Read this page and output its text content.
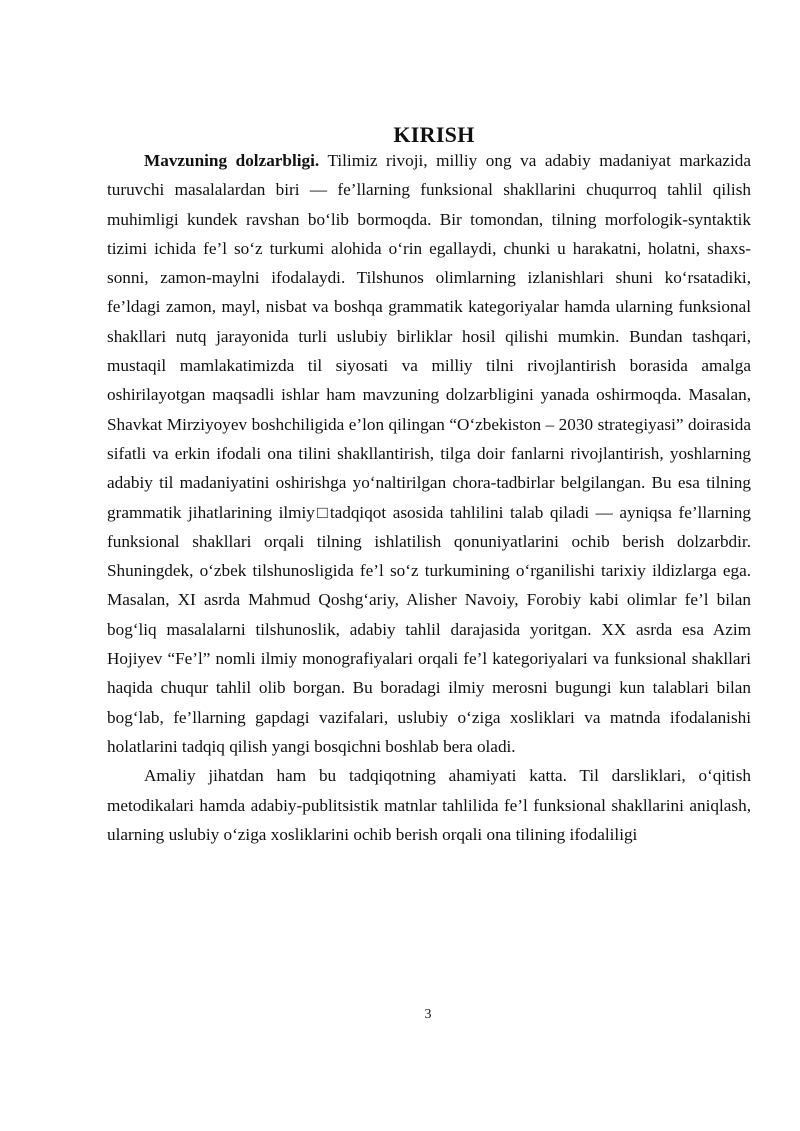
KIRISH

Mavzuning dolzarbligi. Tilimiz rivoji, milliy ong va adabiy madaniyat markazida turuvchi masalalardan biri — fe’llarning funksional shakllarini chuqurroq tahlil qilish muhimligi kundek ravshan bo‘lib bormoqda. Bir tomondan, tilning morfologik-syntaktik tizimi ichida fe’l so‘z turkumi alohida o‘rin egallaydi, chunki u harakatni, holatni, shaxs-sonni, zamon-maylni ifodalaydi. Tilshunos olimlarning izlanishlari shuni ko‘rsatadiki, fe’ldagi zamon, mayl, nisbat va boshqa grammatik kategoriyalar hamda ularning funksional shakllari nutq jarayonida turli uslubiy birliklar hosil qilishi mumkin. Bundan tashqari, mustaqil mamlakatimizda til siyosati va milliy tilni rivojlantirish borasida amalga oshirilayotgan maqsadli ishlar ham mavzuning dolzarbligini yanada oshirmoqda. Masalan, Shavkat Mirziyoyev boshchiligida e’lon qilingan “O‘zbekiston – 2030 strategiyasi” doirasida sifatli va erkin ifodali ona tilini shakllantirish, tilga doir fanlarni rivojlantirish, yoshlarning adabiy til madaniyatini oshirishga yo‘naltirilgan chora-tadbirlar belgilangan. Bu esa tilning grammatik jihatlarining ilmiy□tadqiqot asosida tahlilini talab qiladi — ayniqsa fe’llarning funksional shakllari orqali tilning ishlatilish qonuniyatlarini ochib berish dolzarbdir. Shuningdek, o‘zbek tilshunosligida fe’l so‘z turkumining o‘rganilishi tarixiy ildizlarga ega. Masalan, XI asrda Mahmud Qoshg‘ariy, Alisher Navoiy, Forobiy kabi olimlar fe’l bilan bog‘liq masalalarni tilshunoslik, adabiy tahlil darajasida yoritgan. XX asrda esa Azim Hojiyev “Fe’l” nomli ilmiy monografiyalari orqali fe’l kategoriyalari va funksional shakllari haqida chuqur tahlil olib borgan. Bu boradagi ilmiy merosni bugungi kun talablari bilan bog‘lab, fe’llarning gapdagi vazifalari, uslubiy o‘ziga xosliklari va matnda ifodalanishi holatlarini tadqiq qilish yangi bosqichni boshlab bera oladi.

Amaliy jihatdan ham bu tadqiqotning ahamiyati katta. Til darsliklari, o‘qitish metodikalari hamda adabiy-publitsistik matnlar tahlilida fe’l funksional shakllarini aniqlash, ularning uslubiy o‘ziga xosliklarini ochib berish orqali ona tilining ifodaliligi

3
